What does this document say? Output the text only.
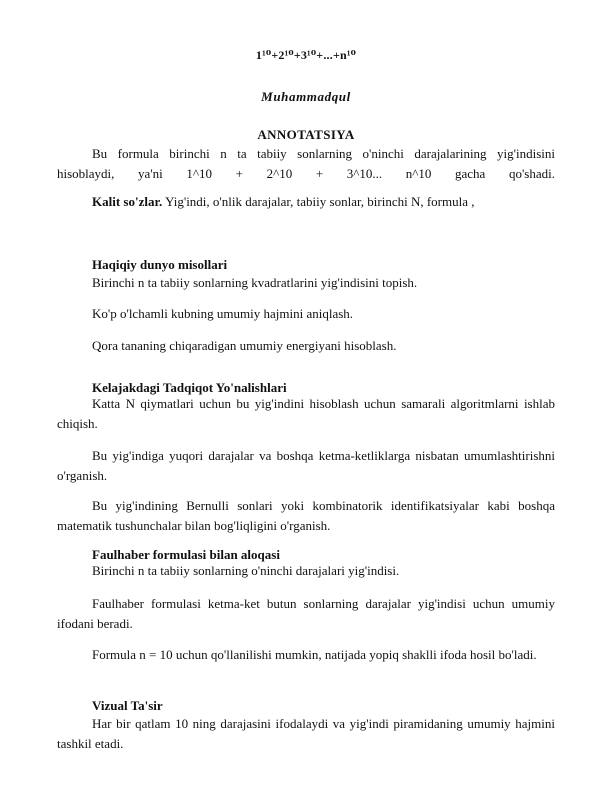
1¹⁰+2¹⁰+3¹⁰+...+n¹⁰
Muhammadqul
ANNOTATSIYA
Bu formula birinchi n ta tabiiy sonlarning o'ninchi darajalarining yig'indisini
hisoblaydi, ya'ni 1^10 + 2^10 + 3^10... n^10 gacha qo'shadi.
Kalit so'zlar. Yig'indi, o'nlik darajalar, tabiiy sonlar, birinchi N, formula ,
Haqiqiy dunyo misollari
Birinchi n ta tabiiy sonlarning kvadratlarini yig'indisini topish.
Ko'p o'lchamli kubning umumiy hajmini aniqlash.
Qora tananing chiqaradigan umumiy energiyani hisoblash.
Kelajakdagi Tadqiqot Yo'nalishlari
Katta N qiymatlari uchun bu yig'indini hisoblash uchun samarali algoritmlarni ishlab chiqish.
Bu yig'indiga yuqori darajalar va boshqa ketma-ketliklarga nisbatan umumlashtirishni o'rganish.
Bu yig'indining Bernulli sonlari yoki kombinatorik identifikatsiyalar kabi boshqa matematik tushunchalar bilan bog'liqligini o'rganish.
Faulhaber formulasi bilan aloqasi
Birinchi n ta tabiiy sonlarning o'ninchi darajalari yig'indisi.
Faulhaber formulasi ketma-ket butun sonlarning darajalar yig'indisi uchun umumiy ifodani beradi.
Formula n = 10 uchun qo'llanilishi mumkin, natijada yopiq shaklli ifoda hosil bo'ladi.
Vizual Ta'sir
Har bir qatlam 10 ning darajasini ifodalaydi va yig'indi piramidaning umumiy hajmini tashkil etadi.
